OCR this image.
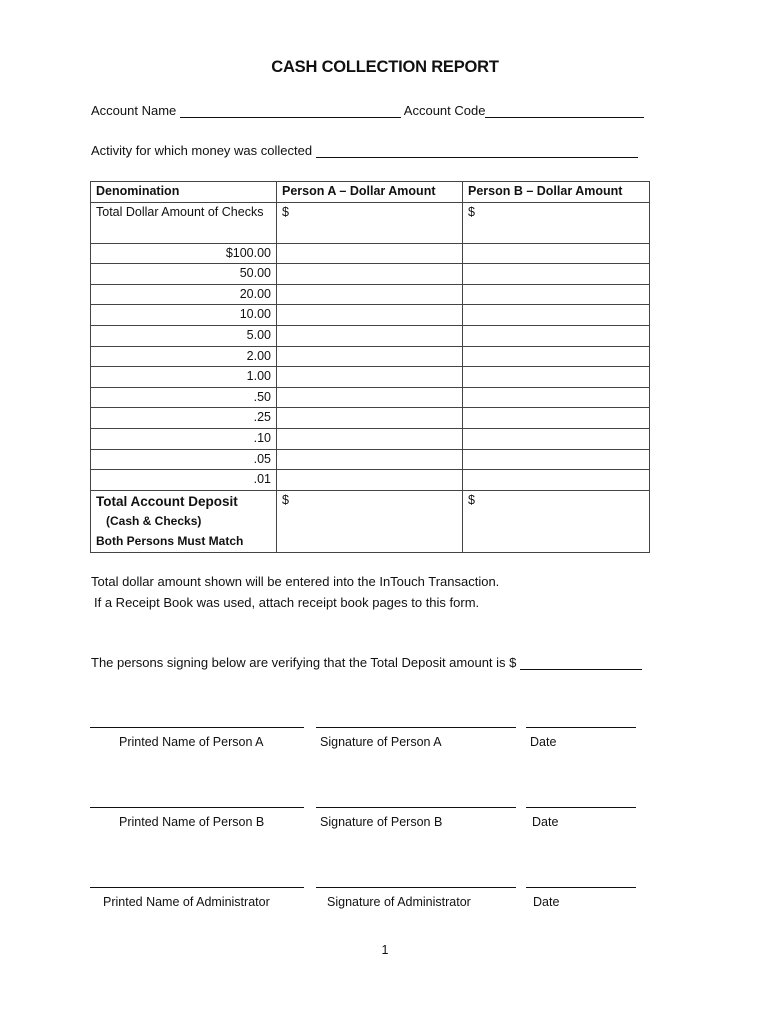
CASH COLLECTION REPORT
Account Name	Account Code
Activity for which money was collected
Denomination	Person A – Dollar Amount	Person B – Dollar Amount
Total Dollar Amount of Checks	$	$
$100.00		
50.00		
20.00		
10.00		
5.00		
2.00		
1.00		
.50		
.25		
.10		
.05		
.01		

Total Account Deposit
(Cash & Checks)
Both Persons Must Match	$	$
Total dollar amount shown will be entered into the InTouch Transaction.
If a Receipt Book was used, attach receipt book pages to this form.
The persons signing below are verifying that the Total Deposit amount is $
Printed Name of Person A	Signature of Person A	Date
Printed Name of Person B	Signature of Person B	Date
Printed Name of Administrator	Signature of Administrator	Date
1
